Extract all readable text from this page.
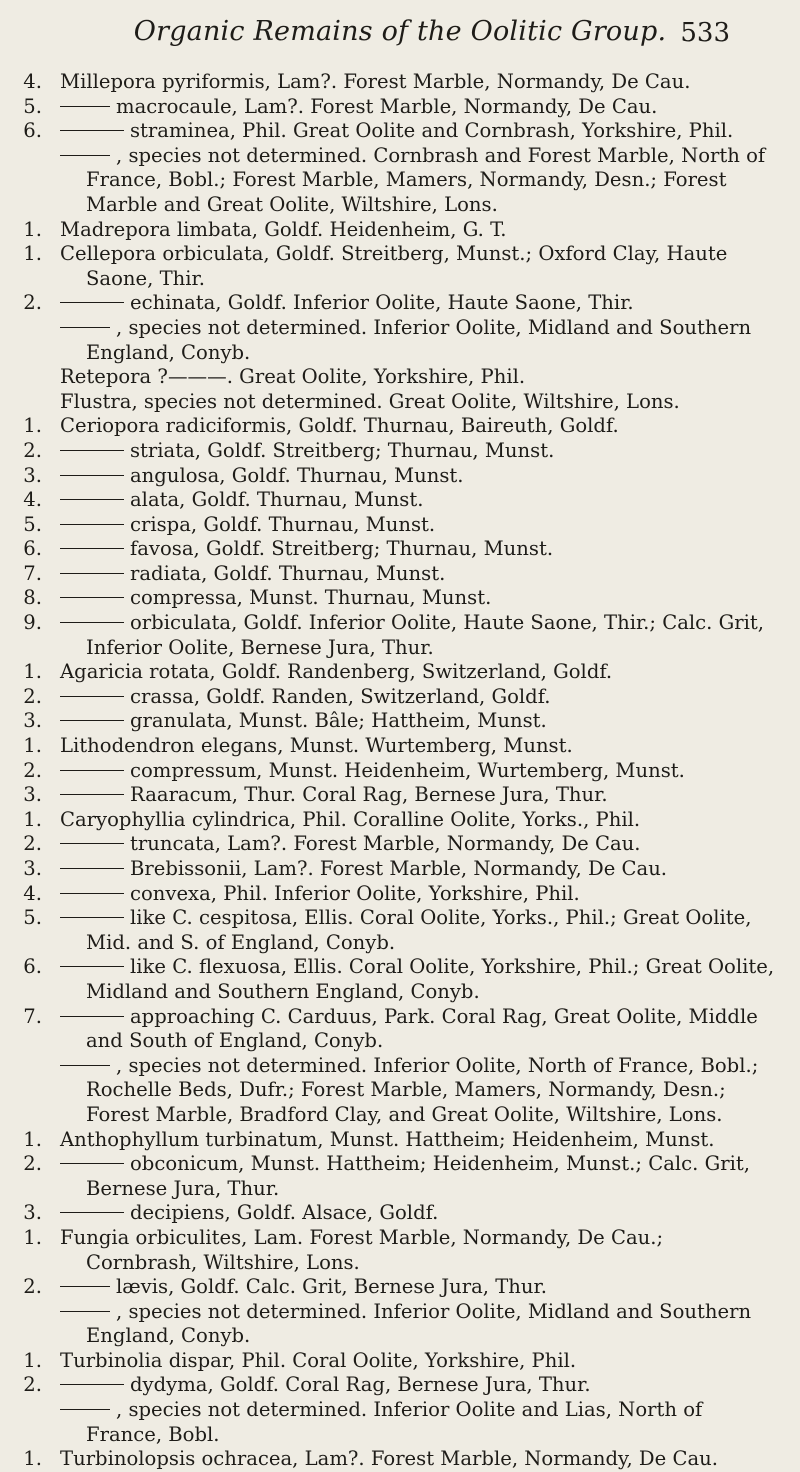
Organic Remains of the Oolitic Group. 533
4. Millepora pyriformis, Lam?. Forest Marble, Normandy, De Cau.
5.	macrocaule, Lam?. Forest Marble, Normandy, De Cau.
6.	straminea, Phil. Great Oolite and Cornbrash, Yorkshire, Phil.
, species not determined. Cornbrash and Forest Marble, North of France, Bobl.; Forest Marble, Mamers, Normandy, Desn.; Forest Marble and Great Oolite, Wiltshire, Lons.
1. Madrepora limbata, Goldf. Heidenheim, G. T.
1. Cellepora orbiculata, Goldf. Streitberg, Munst.; Oxford Clay, Haute Saone, Thir.
2.	echinata, Goldf. Inferior Oolite, Haute Saone, Thir.
, species not determined. Inferior Oolite, Midland and Southern England, Conyb.
Retepora ?———. Great Oolite, Yorkshire, Phil.
Flustra, species not determined. Great Oolite, Wiltshire, Lons.
1. Ceriopora radiciformis, Goldf. Thurnau, Baireuth, Goldf.
2.	striata, Goldf. Streitberg; Thurnau, Munst.
3.	angulosa, Goldf. Thurnau, Munst.
4.	alata, Goldf. Thurnau, Munst.
5.	crispa, Goldf. Thurnau, Munst.
6.	favosa, Goldf. Streitberg; Thurnau, Munst.
7.	radiata, Goldf. Thurnau, Munst.
8.	compressa, Munst. Thurnau, Munst.
9.	orbiculata, Goldf. Inferior Oolite, Haute Saone, Thir.; Calc. Grit, Inferior Oolite, Bernese Jura, Thur.
1. Agaricia rotata, Goldf. Randenberg, Switzerland, Goldf.
2.	crassa, Goldf. Randen, Switzerland, Goldf.
3.	granulata, Munst. Bâle; Hattheim, Munst.
1. Lithodendron elegans, Munst. Wurtemberg, Munst.
2.	compressum, Munst. Heidenheim, Wurtemberg, Munst.
3.	Raaracum, Thur. Coral Rag, Bernese Jura, Thur.
1. Caryophyllia cylindrica, Phil. Coralline Oolite, Yorks., Phil.
2.	truncata, Lam?. Forest Marble, Normandy, De Cau.
3.	Brebissonii, Lam?. Forest Marble, Normandy, De Cau.
4.	convexa, Phil. Inferior Oolite, Yorkshire, Phil.
5.	like C. cespitosa, Ellis. Coral Oolite, Yorks., Phil.; Great Oolite, Mid. and S. of England, Conyb.
6.	like C. flexuosa, Ellis. Coral Oolite, Yorkshire, Phil.; Great Oolite, Midland and Southern England, Conyb.
7.	approaching C. Carduus, Park. Coral Rag, Great Oolite, Middle and South of England, Conyb.
, species not determined. Inferior Oolite, North of France, Bobl.; Rochelle Beds, Dufr.; Forest Marble, Mamers, Normandy, Desn.; Forest Marble, Bradford Clay, and Great Oolite, Wiltshire, Lons.
1. Anthophyllum turbinatum, Munst. Hattheim; Heidenheim, Munst.
2.	obconicum, Munst. Hattheim; Heidenheim, Munst.; Calc. Grit, Bernese Jura, Thur.
3.	decipiens, Goldf. Alsace, Goldf.
1. Fungia orbiculites, Lam. Forest Marble, Normandy, De Cau.; Cornbrash, Wiltshire, Lons.
2.	lævis, Goldf. Calc. Grit, Bernese Jura, Thur.
, species not determined. Inferior Oolite, Midland and Southern England, Conyb.
1. Turbinolia dispar, Phil. Coral Oolite, Yorkshire, Phil.
2.	dydyma, Goldf. Coral Rag, Bernese Jura, Thur.
, species not determined. Inferior Oolite and Lias, North of France, Bobl.
1. Turbinolopsis ochracea, Lam?. Forest Marble, Normandy, De Cau.
